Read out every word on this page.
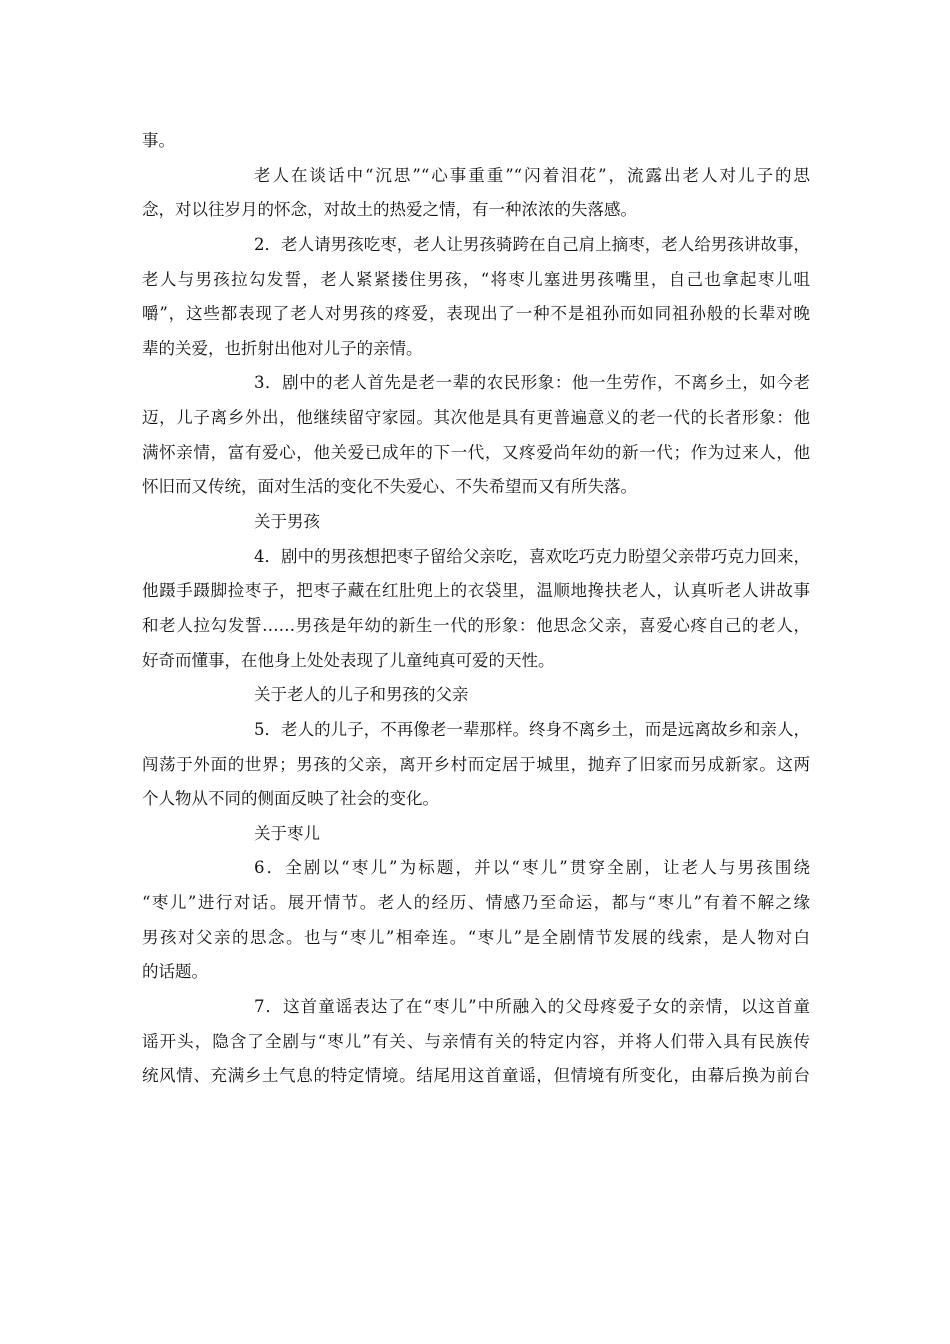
事。
老人在谈话中“沉思”“心事重重”“闪着泪花”，流露出老人对儿子的思
念，对以往岁月的怀念，对故土的热爱之情，有一种浓浓的失落感。
2．老人请男孩吃枣，老人让男孩骑跨在自己肩上摘枣，老人给男孩讲故事，
老人与男孩拉勾发誓，老人紧紧搂住男孩，“将枣儿塞进男孩嘴里，自己也拿起枣儿咀
嚼”，这些都表现了老人对男孩的疼爱，表现出了一种不是祖孙而如同祖孙般的长辈对晚
辈的关爱，也折射出他对儿子的亲情。
3．剧中的老人首先是老一辈的农民形象：他一生劳作，不离乡土，如今老
迈，儿子离乡外出，他继续留守家园。其次他是具有更普遍意义的老一代的长者形象：他
满怀亲情，富有爱心，他关爱已成年的下一代，又疼爱尚年幼的新一代；作为过来人，他
怀旧而又传统，面对生活的变化不失爱心、不失希望而又有所失落。
关于男孩
4．剧中的男孩想把枣子留给父亲吃，喜欢吃巧克力盼望父亲带巧克力回来，
他蹑手蹑脚捡枣子，把枣子藏在红肚兜上的衣袋里，温顺地搀扶老人，认真听老人讲故事
和老人拉勾发誓……男孩是年幼的新生一代的形象：他思念父亲，喜爱心疼自己的老人，
好奇而懂事，在他身上处处表现了儿童纯真可爱的天性。
关于老人的儿子和男孩的父亲
5．老人的儿子，不再像老一辈那样。终身不离乡土，而是远离故乡和亲人，
闯荡于外面的世界；男孩的父亲，离开乡村而定居于城里，抛弃了旧家而另成新家。这两
个人物从不同的侧面反映了社会的变化。
关于枣儿
6．全剧以“枣儿”为标题，并以“枣儿”贯穿全剧，让老人与男孩围绕
“枣儿”进行对话。展开情节。老人的经历、情感乃至命运，都与“枣儿”有着不解之缘
男孩对父亲的思念。也与“枣儿”相牵连。“枣儿”是全剧情节发展的线索，是人物对白
的话题。
7．这首童谣表达了在“枣儿”中所融入的父母疼爱子女的亲情，以这首童
谣开头，隐含了全剧与“枣儿”有关、与亲情有关的特定内容，并将人们带入具有民族传
统风情、充满乡土气息的特定情境。结尾用这首童谣，但情境有所变化，由幕后换为前台
